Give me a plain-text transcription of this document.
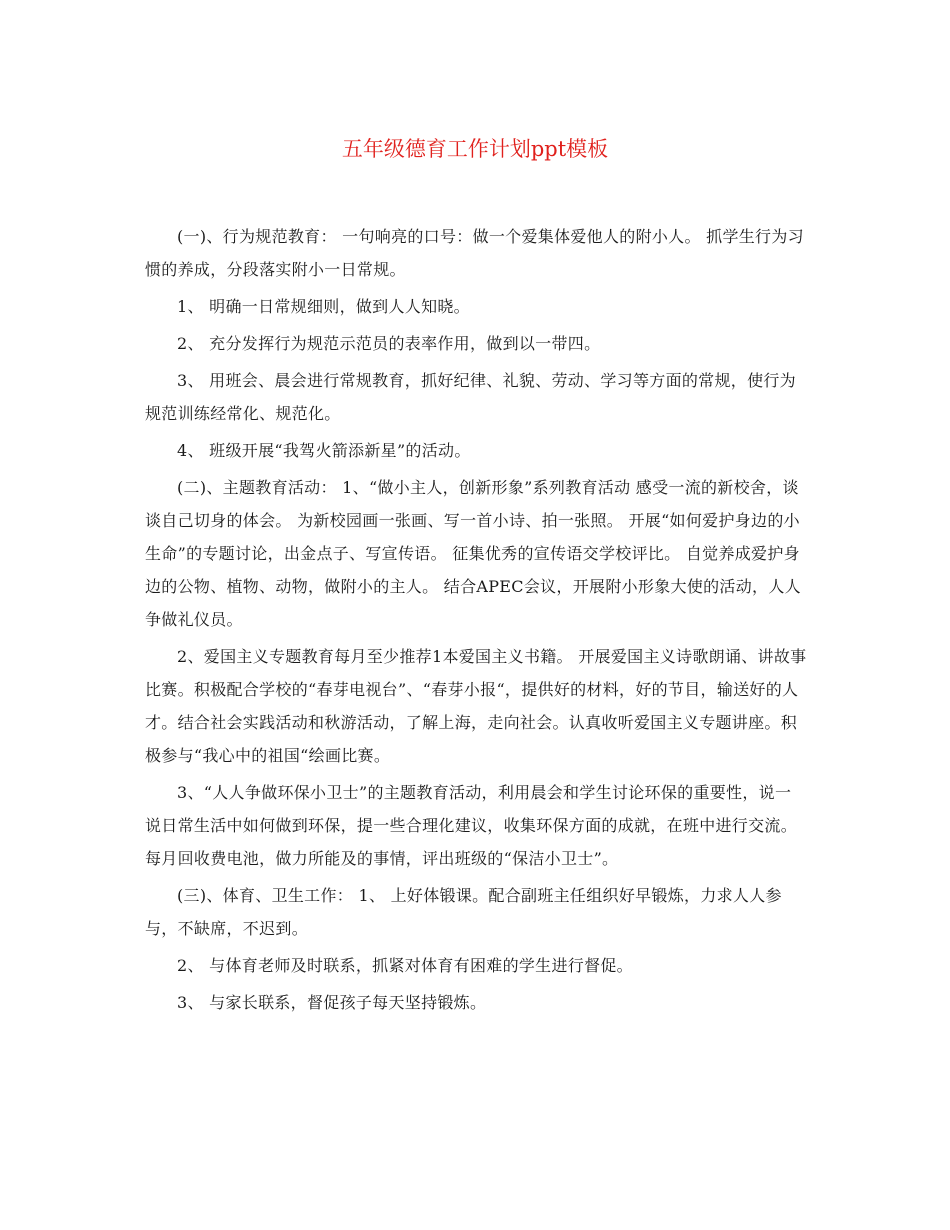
五年级德育工作计划ppt模板

(一)、行为规范教育： 一句响亮的口号：做一个爱集体爱他人的附小人。 抓学生行为习惯的养成，分段落实附小一日常规。

1、 明确一日常规细则，做到人人知晓。

2、 充分发挥行为规范示范员的表率作用，做到以一带四。

3、 用班会、晨会进行常规教育，抓好纪律、礼貌、劳动、学习等方面的常规，使行为规范训练经常化、规范化。

4、 班级开展“我驾火箭添新星”的活动。

(二)、主题教育活动： 1、“做小主人，创新形象”系列教育活动 感受一流的新校舍，谈谈自己切身的体会。 为新校园画一张画、写一首小诗、拍一张照。 开展“如何爱护身边的小生命”的专题讨论，出金点子、写宣传语。 征集优秀的宣传语交学校评比。 自觉养成爱护身边的公物、植物、动物，做附小的主人。 结合APEC会议，开展附小形象大使的活动，人人争做礼仪员。

2、爱国主义专题教育每月至少推荐1本爱国主义书籍。 开展爱国主义诗歌朗诵、讲故事比赛。积极配合学校的“春芽电视台”、“春芽小报“，提供好的材料，好的节目，输送好的人才。结合社会实践活动和秋游活动，了解上海，走向社会。认真收听爱国主义专题讲座。积极参与“我心中的祖国“绘画比赛。

3、“人人争做环保小卫士”的主题教育活动，利用晨会和学生讨论环保的重要性，说一说日常生活中如何做到环保，提一些合理化建议，收集环保方面的成就，在班中进行交流。每月回收费电池，做力所能及的事情，评出班级的“保洁小卫士”。

(三)、体育、卫生工作： 1、 上好体锻课。配合副班主任组织好早锻炼，力求人人参与，不缺席，不迟到。

2、 与体育老师及时联系，抓紧对体育有困难的学生进行督促。

3、 与家长联系，督促孩子每天坚持锻炼。
